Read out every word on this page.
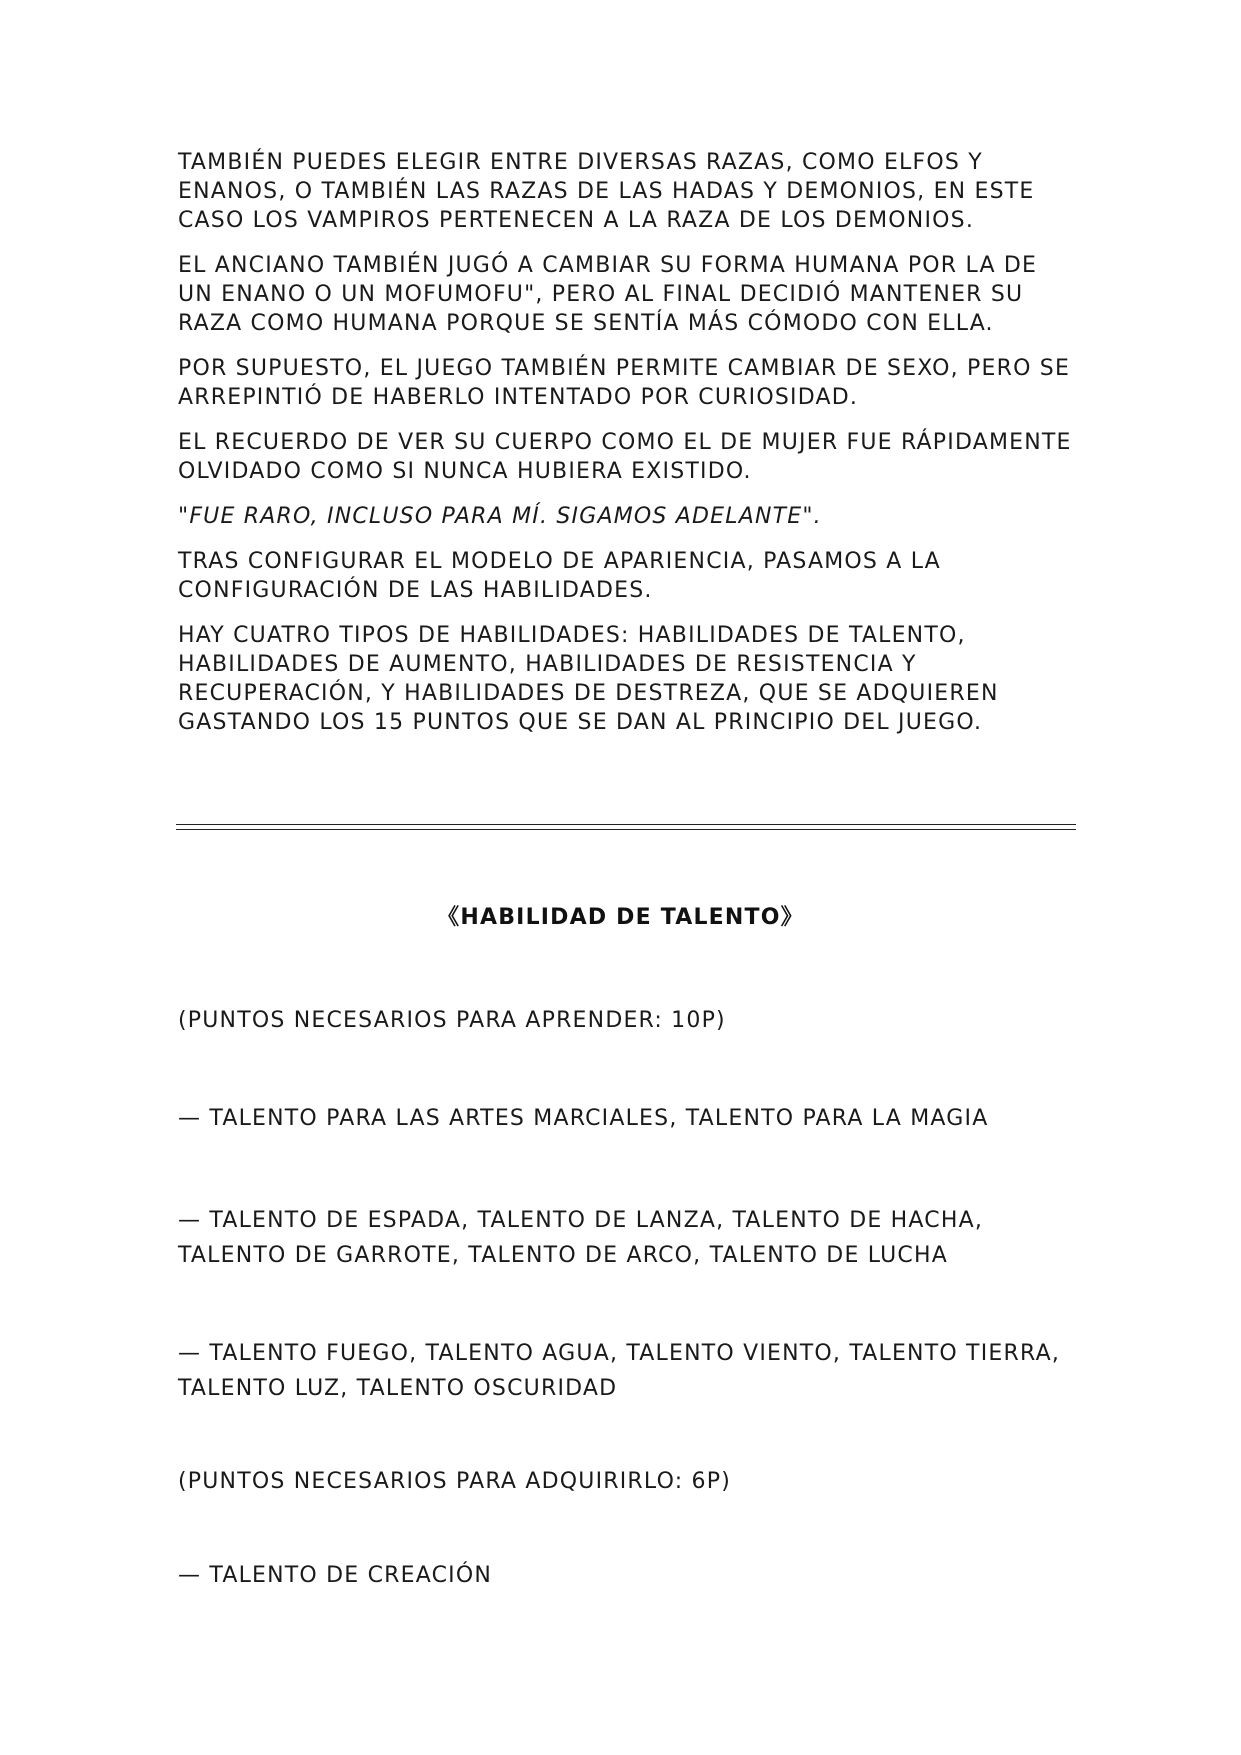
TAMBIÉN PUEDES ELEGIR ENTRE DIVERSAS RAZAS, COMO ELFOS Y ENANOS, O TAMBIÉN LAS RAZAS DE LAS HADAS Y DEMONIOS, EN ESTE CASO LOS VAMPIROS PERTENECEN A LA RAZA DE LOS DEMONIOS.

EL ANCIANO TAMBIÉN JUGÓ A CAMBIAR SU FORMA HUMANA POR LA DE UN ENANO O UN MOFUMOFU", PERO AL FINAL DECIDIÓ MANTENER SU RAZA COMO HUMANA PORQUE SE SENTÍA MÁS CÓMODO CON ELLA.

POR SUPUESTO, EL JUEGO TAMBIÉN PERMITE CAMBIAR DE SEXO, PERO SE ARREPINTIÓ DE HABERLO INTENTADO POR CURIOSIDAD.

EL RECUERDO DE VER SU CUERPO COMO EL DE MUJER FUE RÁPIDAMENTE OLVIDADO COMO SI NUNCA HUBIERA EXISTIDO.

"FUE RARO, INCLUSO PARA MÍ. SIGAMOS ADELANTE".

TRAS CONFIGURAR EL MODELO DE APARIENCIA, PASAMOS A LA CONFIGURACIÓN DE LAS HABILIDADES.

HAY CUATRO TIPOS DE HABILIDADES: HABILIDADES DE TALENTO, HABILIDADES DE AUMENTO, HABILIDADES DE RESISTENCIA Y RECUPERACIÓN, Y HABILIDADES DE DESTREZA, QUE SE ADQUIEREN GASTANDO LOS 15 PUNTOS QUE SE DAN AL PRINCIPIO DEL JUEGO.

《HABILIDAD DE TALENTO》
(PUNTOS NECESARIOS PARA APRENDER: 10P)
— TALENTO PARA LAS ARTES MARCIALES, TALENTO PARA LA MAGIA
— TALENTO DE ESPADA, TALENTO DE LANZA, TALENTO DE HACHA, TALENTO DE GARROTE, TALENTO DE ARCO, TALENTO DE LUCHA
— TALENTO FUEGO, TALENTO AGUA, TALENTO VIENTO, TALENTO TIERRA, TALENTO LUZ, TALENTO OSCURIDAD
(PUNTOS NECESARIOS PARA ADQUIRIRLO: 6P)
— TALENTO DE CREACIÓN
